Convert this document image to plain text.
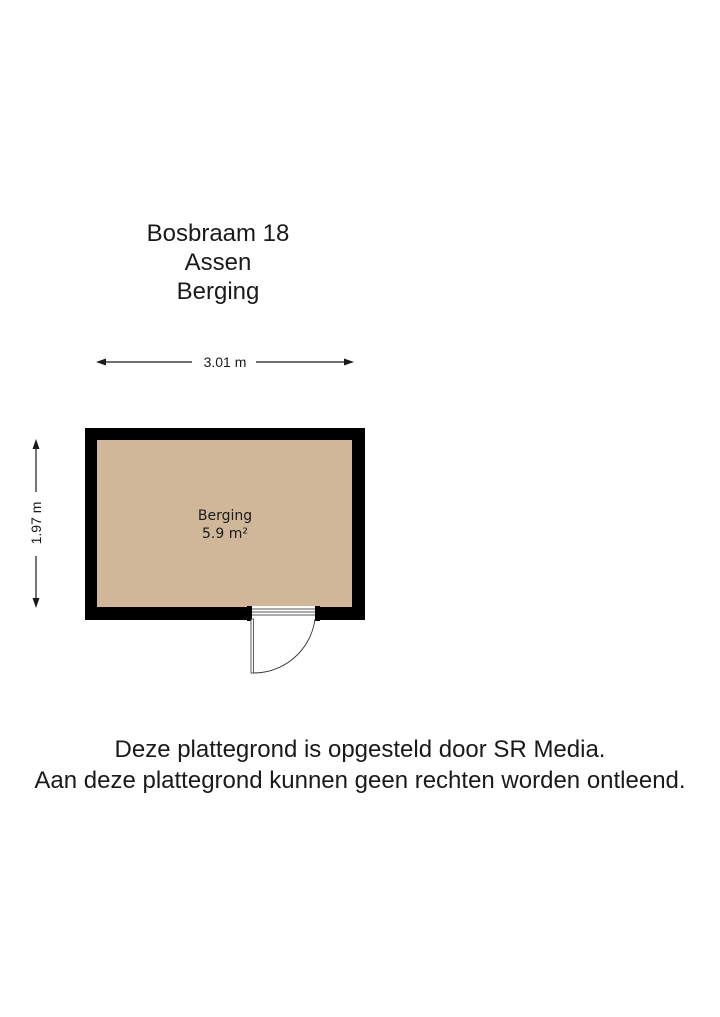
Bosbraam 18
Assen
Berging
3.01 m
1.97 m	Berging
5.9 m²
Deze plattegrond is opgesteld door SR Media.
Aan deze plattegrond kunnen geen rechten worden ontleend.
